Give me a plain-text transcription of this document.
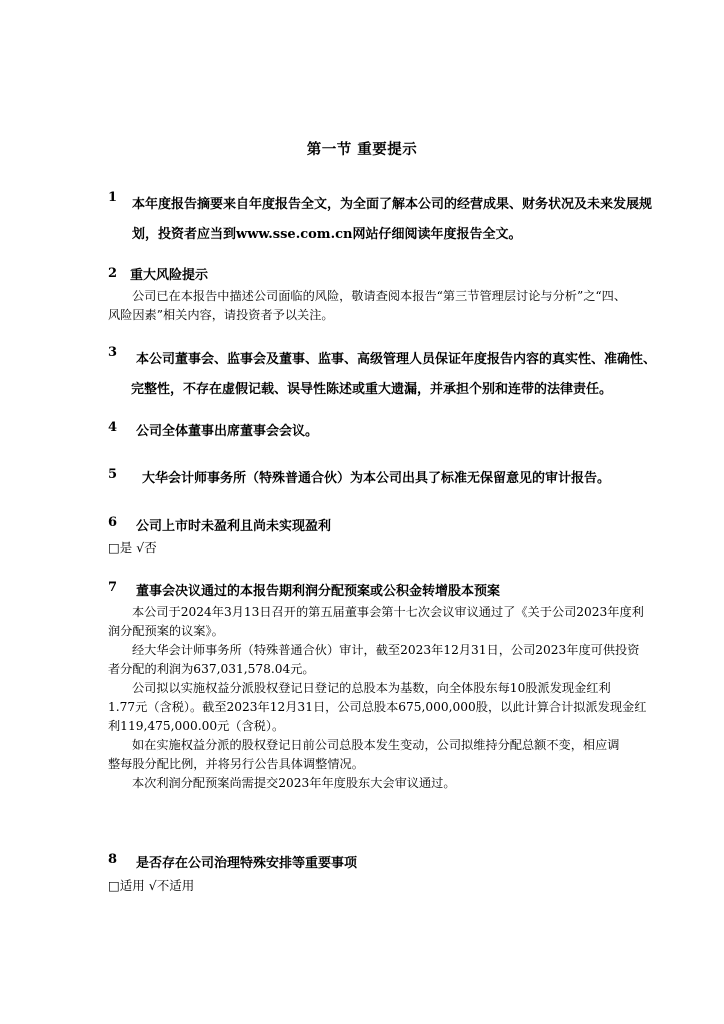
第一节 重要提示
1 本年度报告摘要来自年度报告全文，为全面了解本公司的经营成果、财务状况及未来发展规
划，投资者应当到www.sse.com.cn网站仔细阅读年度报告全文。
2 重大风险提示
公司已在本报告中描述公司面临的风险，敬请查阅本报告“第三节管理层讨论与分析”之“四、
风险因素”相关内容，请投资者予以关注。
3 本公司董事会、监事会及董事、监事、高级管理人员保证年度报告内容的真实性、准确性、
完整性，不存在虚假记载、误导性陈述或重大遗漏，并承担个别和连带的法律责任。
4	公司全体董事出席董事会会议。
5	大华会计师事务所（特殊普通合伙）为本公司出具了标准无保留意见的审计报告。
6	公司上市时未盈利且尚未实现盈利
□是 √否
7	董事会决议通过的本报告期利润分配预案或公积金转增股本预案
本公司于2024年3月13日召开的第五届董事会第十七次会议审议通过了《关于公司2023年度利
润分配预案的议案》。
经大华会计师事务所（特殊普通合伙）审计，截至2023年12月31日，公司2023年度可供投资
者分配的利润为637,031,578.04元。
公司拟以实施权益分派股权登记日登记的总股本为基数，向全体股东每10股派发现金红利
1.77元（含税）。截至2023年12月31日，公司总股本675,000,000股，以此计算合计拟派发现金红
利119,475,000.00元（含税）。
如在实施权益分派的股权登记日前公司总股本发生变动，公司拟维持分配总额不变，相应调
整每股分配比例，并将另行公告具体调整情况。
本次利润分配预案尚需提交2023年年度股东大会审议通过。
8	是否存在公司治理特殊安排等重要事项
□适用 √不适用
